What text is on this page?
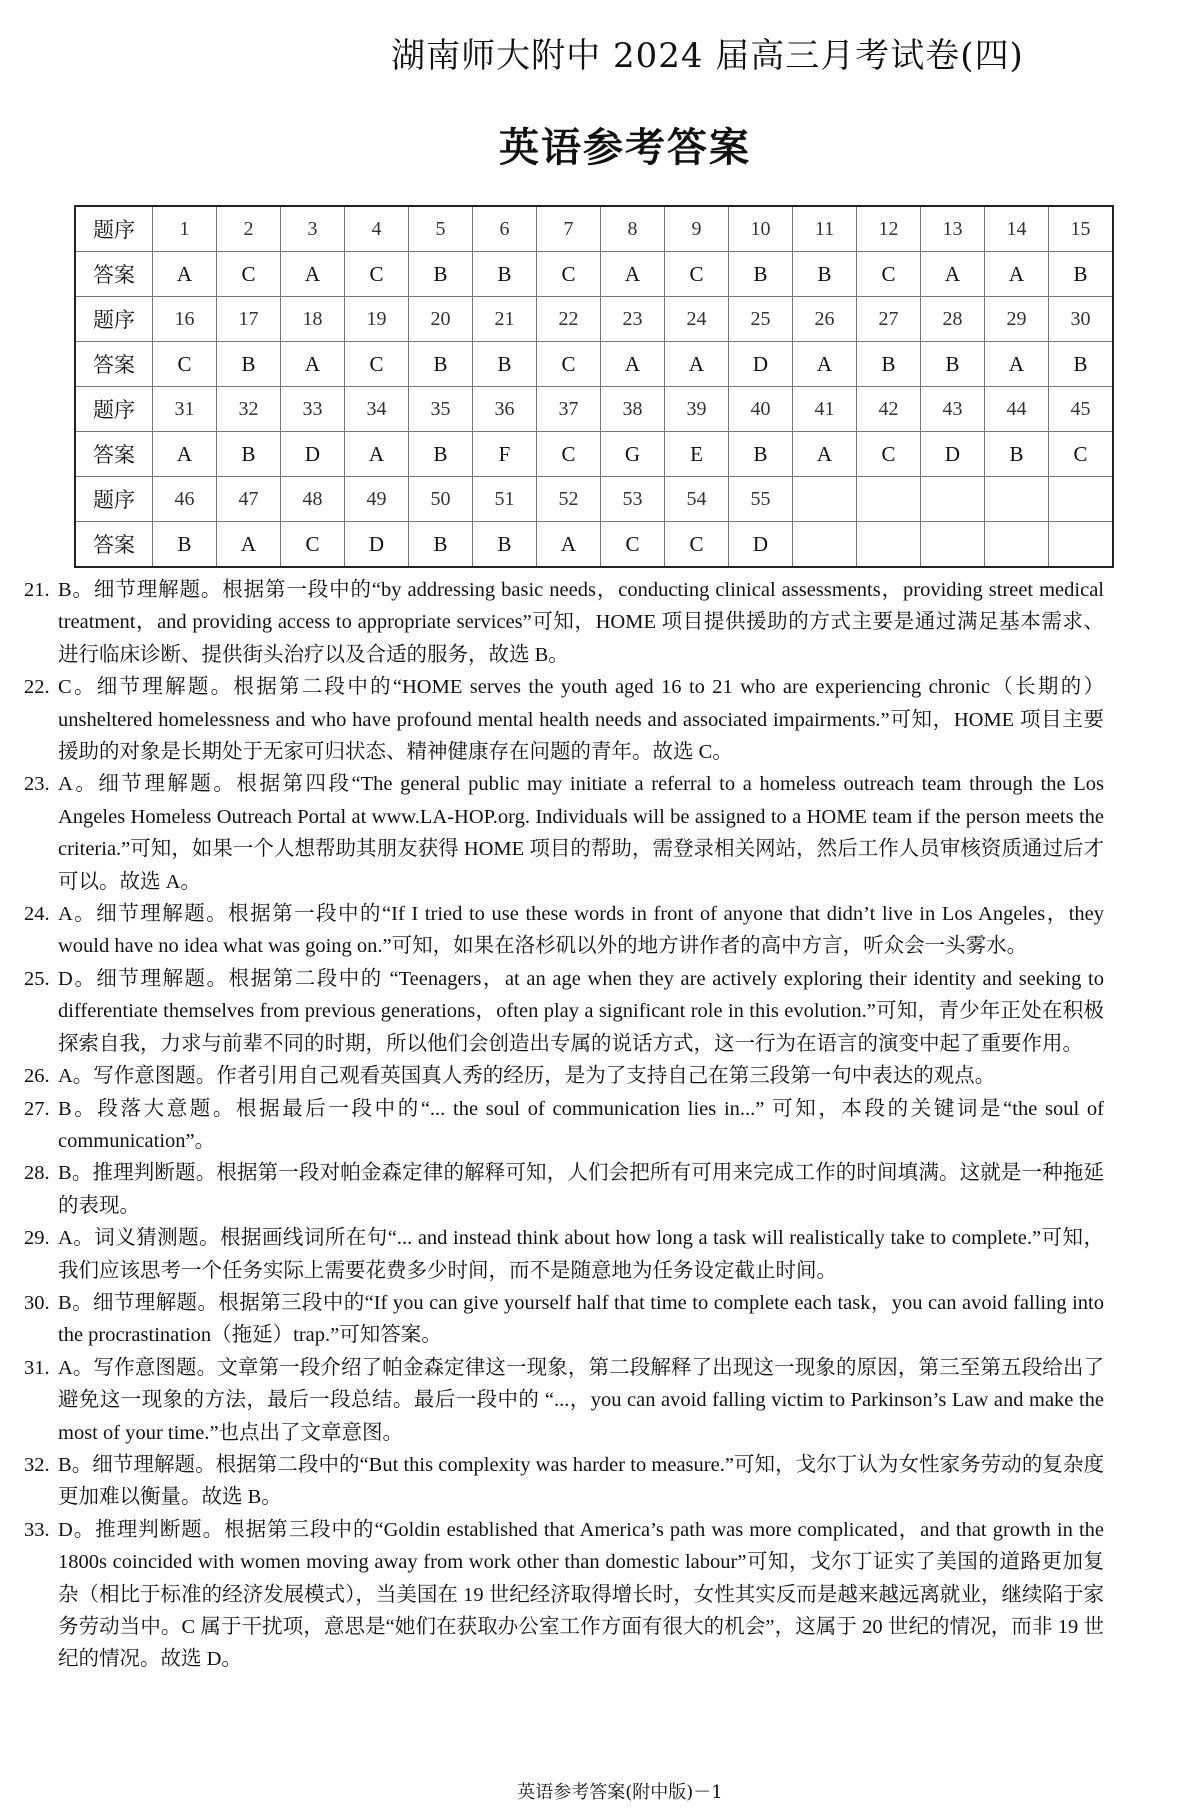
湖南师大附中 2024 届高三月考试卷(四)
英语参考答案
题序	1	2	3	4	5	6	7	8	9	10	11	12	13	14	15
答案	A	C	A	C	B	B	C	A	C	B	B	C	A	A	B
题序	16	17	18	19	20	21	22	23	24	25	26	27	28	29	30
答案	C	B	A	C	B	B	C	A	A	D	A	B	B	A	B
题序	31	32	33	34	35	36	37	38	39	40	41	42	43	44	45
答案	A	B	D	A	B	F	C	G	E	B	A	C	D	B	C
题序	46	47	48	49	50	51	52	53	54	55					
答案	B	A	C	D	B	B	A	C	C	D					
21. B。细节理解题。根据第一段中的“by addressing basic needs，conducting clinical assessments，providing street medical treatment，and providing access to appropriate services”可知，HOME 项目提供援助的方式主要是通过满足基本需求、进行临床诊断、提供街头治疗以及合适的服务，故选 B。
22. C。细节理解题。根据第二段中的“HOME serves the youth aged 16 to 21 who are experiencing chronic（长期的）unsheltered homelessness and who have profound mental health needs and associated impairments.”可知，HOME 项目主要援助的对象是长期处于无家可归状态、精神健康存在问题的青年。故选 C。
23. A。细节理解题。根据第四段“The general public may initiate a referral to a homeless outreach team through the Los Angeles Homeless Outreach Portal at www.LA-HOP.org. Individuals will be assigned to a HOME team if the person meets the criteria.”可知，如果一个人想帮助其朋友获得 HOME 项目的帮助，需登录相关网站，然后工作人员审核资质通过后才可以。故选 A。
24. A。细节理解题。根据第一段中的“If I tried to use these words in front of anyone that didn’t live in Los Angeles，they would have no idea what was going on.”可知，如果在洛杉矶以外的地方讲作者的高中方言，听众会一头雾水。
25. D。细节理解题。根据第二段中的 “Teenagers，at an age when they are actively exploring their identity and seeking to differentiate themselves from previous generations，often play a significant role in this evolution.”可知，青少年正处在积极探索自我，力求与前辈不同的时期，所以他们会创造出专属的说话方式，这一行为在语言的演变中起了重要作用。
26. A。写作意图题。作者引用自己观看英国真人秀的经历，是为了支持自己在第三段第一句中表达的观点。
27. B。段落大意题。根据最后一段中的“... the soul of communication lies in...” 可知，本段的关键词是“the soul of communication”。
28. B。推理判断题。根据第一段对帕金森定律的解释可知，人们会把所有可用来完成工作的时间填满。这就是一种拖延的表现。
29. A。词义猜测题。根据画线词所在句“... and instead think about how long a task will realistically take to complete.”可知，我们应该思考一个任务实际上需要花费多少时间，而不是随意地为任务设定截止时间。
30. B。细节理解题。根据第三段中的“If you can give yourself half that time to complete each task，you can avoid falling into the procrastination（拖延）trap.”可知答案。
31. A。写作意图题。文章第一段介绍了帕金森定律这一现象，第二段解释了出现这一现象的原因，第三至第五段给出了避免这一现象的方法，最后一段总结。最后一段中的 “...，you can avoid falling victim to Parkinson’s Law and make the most of your time.”也点出了文章意图。
32. B。细节理解题。根据第二段中的“But this complexity was harder to measure.”可知，戈尔丁认为女性家务劳动的复杂度更加难以衡量。故选 B。
33. D。推理判断题。根据第三段中的“Goldin established that America’s path was more complicated，and that growth in the 1800s coincided with women moving away from work other than domestic labour”可知，戈尔丁证实了美国的道路更加复杂（相比于标准的经济发展模式），当美国在 19 世纪经济取得增长时，女性其实反而是越来越远离就业，继续陷于家务劳动当中。C 属于干扰项，意思是“她们在获取办公室工作方面有很大的机会”，这属于 20 世纪的情况，而非 19 世纪的情况。故选 D。
英语参考答案(附中版)－1
